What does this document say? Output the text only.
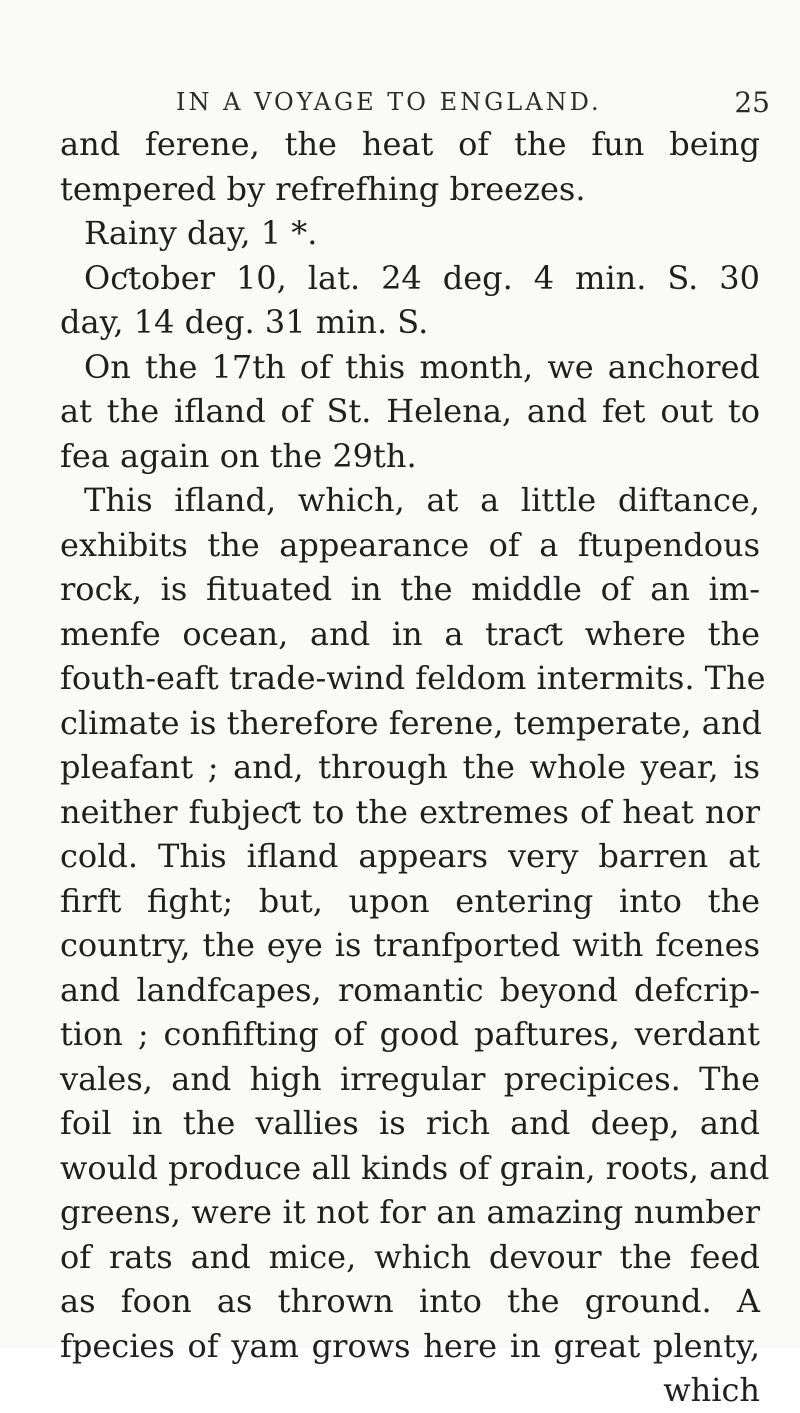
IN A VOYAGE TO ENGLAND.	25
and ferene, the heat of the fun being
tempered by refrefhing breezes.
Rainy day, 1 *.
Oƈtober 10, lat. 24 deg. 4 min. S. 30
day, 14 deg. 31 min. S.
On the 17th of this month, we anchored
at the ifland of St. Helena, and fet out to
fea again on the 29th.
This ifland, which, at a little diftance,
exhibits the appearance of a ftupendous
rock, is fituated in the middle of an im-
menfe ocean, and in a traƈt where the
fouth-eaft trade-wind feldom intermits. The
climate is therefore ferene, temperate, and
pleafant ; and, through the whole year, is
neither fubjeƈt to the extremes of heat nor
cold. This ifland appears very barren at
firft fight; but, upon entering into the
country, the eye is tranfported with fcenes
and landfcapes, romantic beyond defcrip-
tion ; confifting of good paftures, verdant
vales, and high irregular precipices. The
foil in the vallies is rich and deep, and
would produce all kinds of grain, roots, and
greens, were it not for an amazing number
of rats and mice, which devour the feed
as foon as thrown into the ground. A
fpecies of yam grows here in great plenty,
which
